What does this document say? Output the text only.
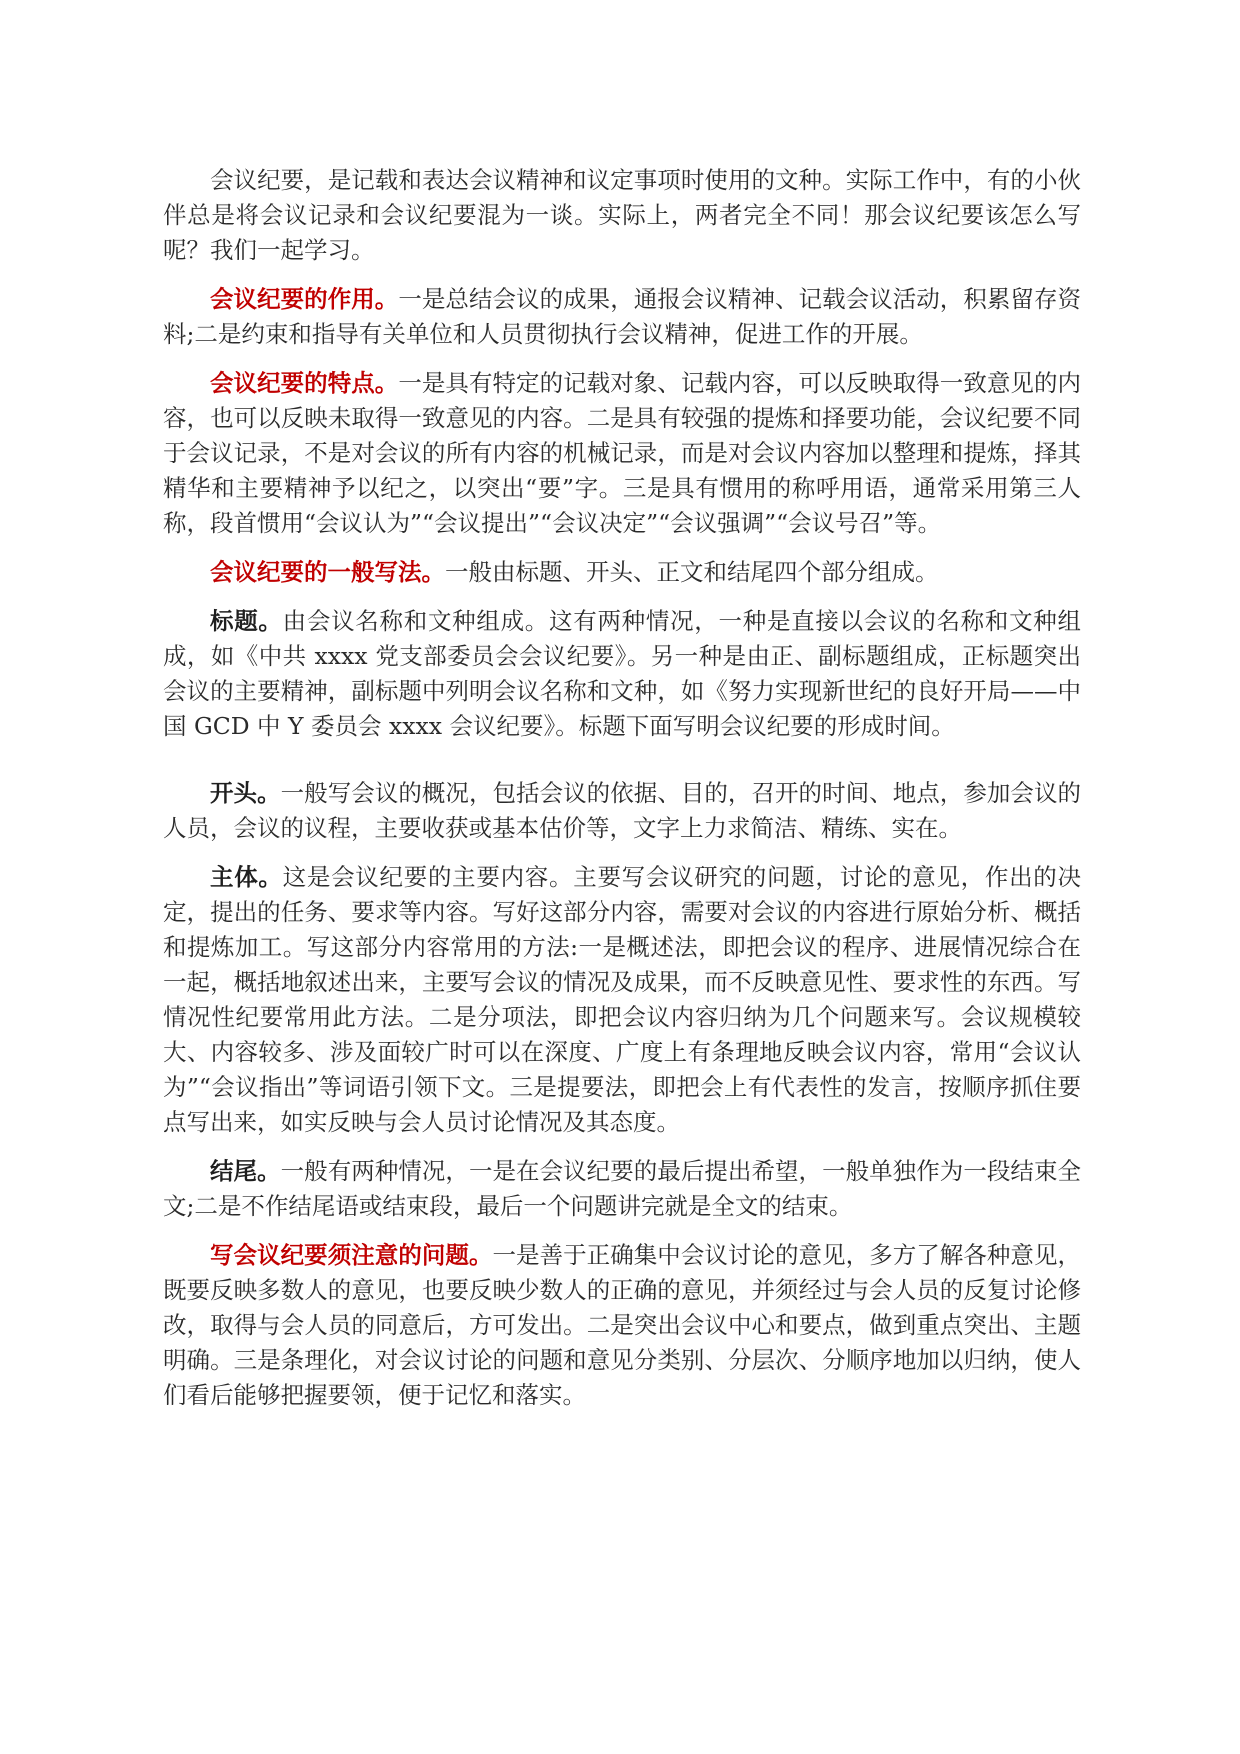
会议纪要，是记载和表达会议精神和议定事项时使用的文种。实际工作中，有的小伙伴总是将会议记录和会议纪要混为一谈。实际上，两者完全不同！那会议纪要该怎么写呢？我们一起学习。

会议纪要的作用。一是总结会议的成果，通报会议精神、记载会议活动，积累留存资料;二是约束和指导有关单位和人员贯彻执行会议精神，促进工作的开展。

会议纪要的特点。一是具有特定的记载对象、记载内容，可以反映取得一致意见的内容，也可以反映未取得一致意见的内容。二是具有较强的提炼和择要功能，会议纪要不同于会议记录，不是对会议的所有内容的机械记录，而是对会议内容加以整理和提炼，择其精华和主要精神予以纪之，以突出“要”字。三是具有惯用的称呼用语，通常采用第三人称，段首惯用“会议认为”“会议提出”“会议决定”“会议强调”“会议号召”等。

会议纪要的一般写法。一般由标题、开头、正文和结尾四个部分组成。

标题。由会议名称和文种组成。这有两种情况，一种是直接以会议的名称和文种组成，如《中共 xxxx 党支部委员会会议纪要》。另一种是由正、副标题组成，正标题突出会议的主要精神，副标题中列明会议名称和文种，如《努力实现新世纪的良好开局——中国 GCD 中 Y 委员会 xxxx 会议纪要》。标题下面写明会议纪要的形成时间。

开头。一般写会议的概况，包括会议的依据、目的，召开的时间、地点，参加会议的人员，会议的议程，主要收获或基本估价等，文字上力求简洁、精练、实在。

主体。这是会议纪要的主要内容。主要写会议研究的问题，讨论的意见，作出的决定，提出的任务、要求等内容。写好这部分内容，需要对会议的内容进行原始分析、概括和提炼加工。写这部分内容常用的方法:一是概述法，即把会议的程序、进展情况综合在一起，概括地叙述出来，主要写会议的情况及成果，而不反映意见性、要求性的东西。写情况性纪要常用此方法。二是分项法，即把会议内容归纳为几个问题来写。会议规模较大、内容较多、涉及面较广时可以在深度、广度上有条理地反映会议内容，常用“会议认为”“会议指出”等词语引领下文。三是提要法，即把会上有代表性的发言，按顺序抓住要点写出来，如实反映与会人员讨论情况及其态度。

结尾。一般有两种情况，一是在会议纪要的最后提出希望，一般单独作为一段结束全文;二是不作结尾语或结束段，最后一个问题讲完就是全文的结束。

写会议纪要须注意的问题。一是善于正确集中会议讨论的意见，多方了解各种意见，既要反映多数人的意见，也要反映少数人的正确的意见，并须经过与会人员的反复讨论修改，取得与会人员的同意后，方可发出。二是突出会议中心和要点，做到重点突出、主题明确。三是条理化，对会议讨论的问题和意见分类别、分层次、分顺序地加以归纳，使人们看后能够把握要领，便于记忆和落实。
